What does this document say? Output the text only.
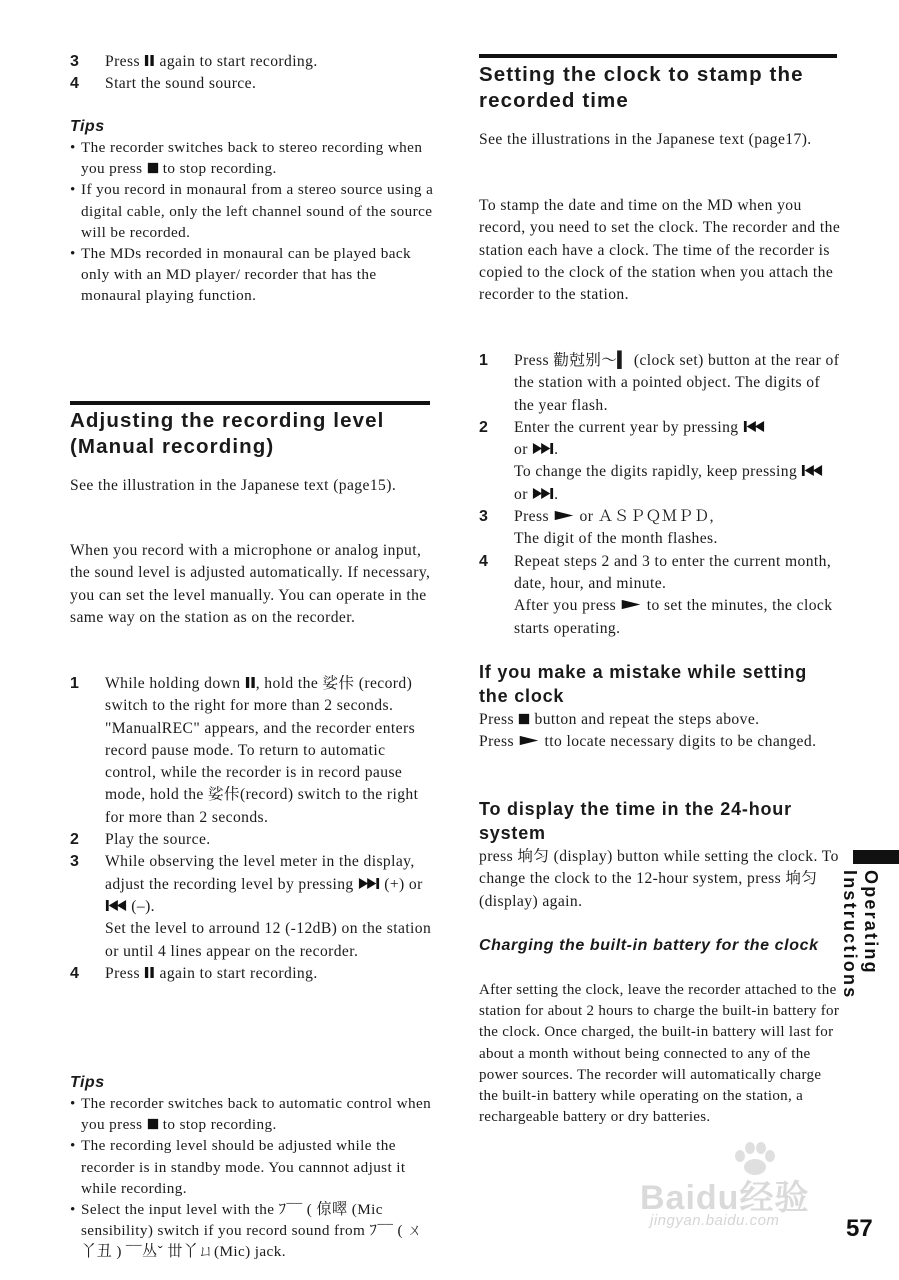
3 Press  again to start recording.
4 Start the sound source.
Tips
• The recorder switches back to stereo recording when you press  to stop recording.
• If you record in monaural from a stereo source using a digital cable, only the left channel sound of the source will be recorded.
• The MDs recorded in monaural can be played back only with an MD player/ recorder that has the monaural playing function.
Adjusting the recording level (Manual recording)

See the illustration in the Japanese text (page15).

When you record with a microphone or analog input, the sound level is adjusted automatically. If necessary, you can set the level manually. You can operate in the same way on the station as on the recorder.

1 While holding down , hold the 娑佧 (record) switch to the right for more than 2 seconds.
"ManualREC" appears, and the recorder enters record pause mode. To return to automatic control, while the recorder is in record pause mode, hold the 娑佧(record) switch to the right for more than 2 seconds.
2 Play the source.
3 While observing the level meter in the display, adjust the recording level by pressing  (+) or  (–).
Set the level to arround 12 (-12dB) on the station or until 4 lines appear on the recorder.
4 Press  again to start recording.
Tips
• The recorder switches back to automatic control when you press  to stop recording.
• The recording level should be adjusted while the recorder is in standby mode. You cannnot adjust it while recording.
• Select the input level with the ﾌ¯¯ ( 倞噿 (Mic sensibility) switch if you record sound from ﾌ¯¯ ( ㄨ丫丑 ) ¯¯丛ˇ 丗丫ㄩ(Mic) jack.
Setting the clock to stamp the recorded time

See the illustrations in the Japanese text (page17).

To stamp the date and time on the MD when you record, you need to set the clock. The recorder and the station each have a clock. The time of the recorder is copied to the clock of the station when you attach the recorder to the station.

1 Press 勸尅别〜▍ (clock set) button at the rear of the station with a pointed object. The digits of the year flash.
2 Enter the current year by pressing
or .
To change the digits rapidly, keep pressing  or .
3 Press  or ＡＳＰＱＭＰＤ,
The digit of the month flashes.
4 Repeat steps 2 and 3 to enter the current month, date, hour, and minute.
After you press  to set the minutes, the clock starts operating.
If you make a mistake while setting the clock
Press  button and repeat the steps above.
Press  tto locate necessary digits to be changed.
To display the time in the 24-hour system

press 垧匀 (display) button while setting the clock. To change the clock to the 12-hour system, press 垧匀 (display) again.

Charging the built-in battery for the clock

After setting the clock, leave the recorder attached to the station for about 2 hours to charge the built-in battery for the clock. Once charged, the built-in battery will last for about a month without being connected to any of the power sources. The recorder will automatically charge the built-in battery while operating on the station, a rechargeable battery or dry batteries.

Operating Instructions
Baidu经验
jingyan.baidu.com	57
